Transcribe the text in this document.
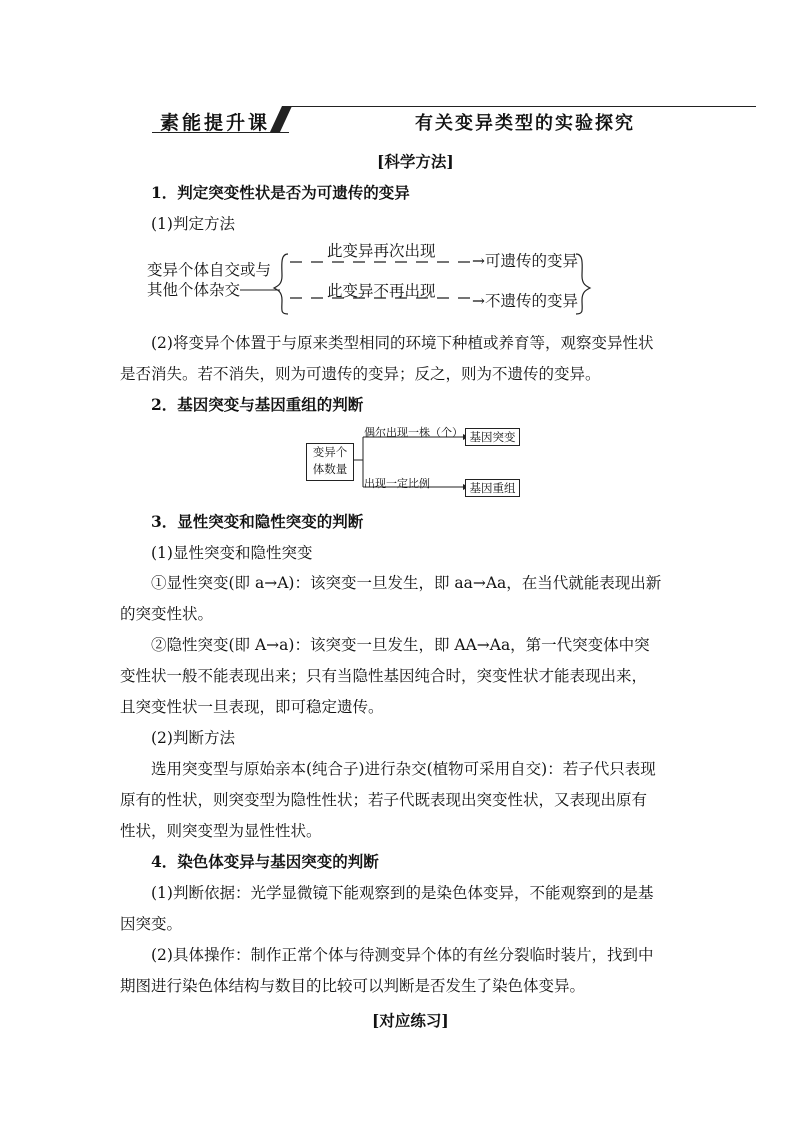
素能提升课	有关变异类型的实验探究
[科学方法]
1．判定突变性状是否为可遗传的变异
(1)判定方法
变异个体自交或与
其他个体杂交
此变异再次出现
→可遗传的变异
此变异不再出现
→不遗传的变异
(2)将变异个体置于与原来类型相同的环境下种植或养育等，观察变异性状
是否消失。若不消失，则为可遗传的变异；反之，则为不遗传的变异。
2．基因突变与基因重组的判断
变异个
体数量
偶尔出现一株（个） 基因突变
出现一定比例	基因重组
3．显性突变和隐性突变的判断
(1)显性突变和隐性突变
①显性突变(即 a→A)：该突变一旦发生，即 aa→Aa，在当代就能表现出新
的突变性状。
②隐性突变(即 A→a)：该突变一旦发生，即 AA→Aa，第一代突变体中突
变性状一般不能表现出来；只有当隐性基因纯合时，突变性状才能表现出来，
且突变性状一旦表现，即可稳定遗传。
(2)判断方法
选用突变型与原始亲本(纯合子)进行杂交(植物可采用自交)：若子代只表现
原有的性状，则突变型为隐性性状；若子代既表现出突变性状，又表现出原有
性状，则突变型为显性性状。
4．染色体变异与基因突变的判断
(1)判断依据：光学显微镜下能观察到的是染色体变异，不能观察到的是基
因突变。
(2)具体操作：制作正常个体与待测变异个体的有丝分裂临时装片，找到中
期图进行染色体结构与数目的比较可以判断是否发生了染色体变异。
[对应练习]
